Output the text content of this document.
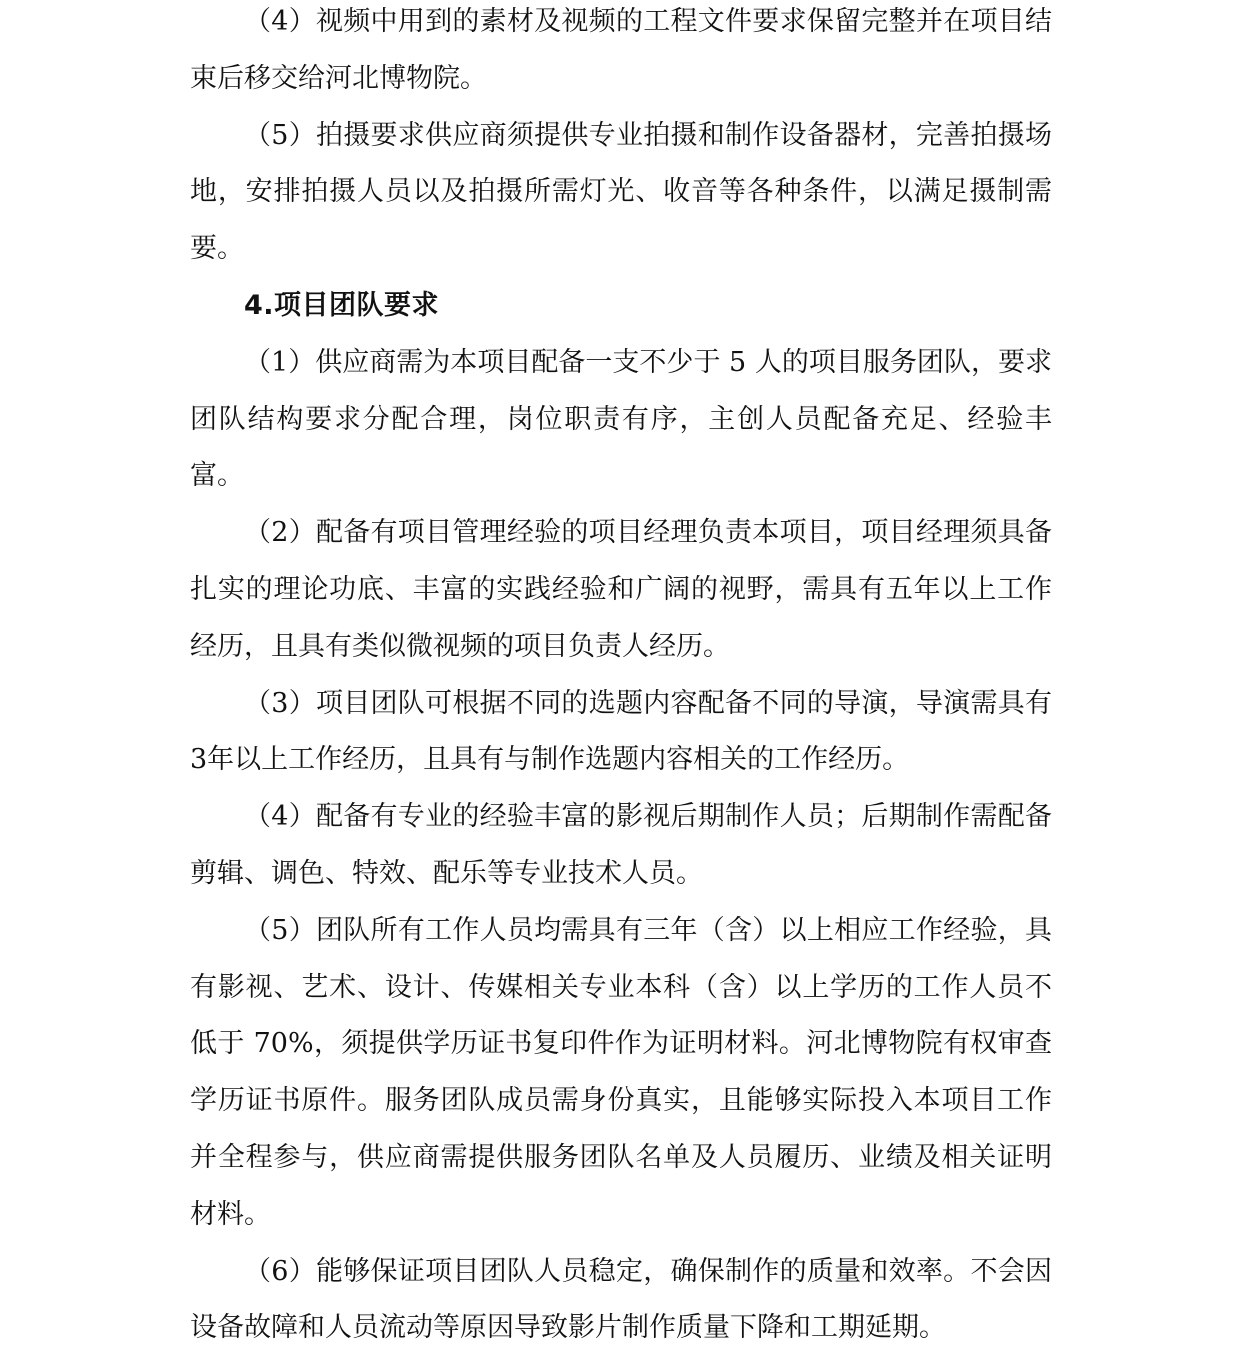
（4）视频中用到的素材及视频的工程文件要求保留完整并在项目结束后移交给河北博物院。

（5）拍摄要求供应商须提供专业拍摄和制作设备器材，完善拍摄场地，安排拍摄人员以及拍摄所需灯光、收音等各种条件，以满足摄制需要。

4.项目团队要求

（1）供应商需为本项目配备一支不少于 5 人的项目服务团队，要求团队结构要求分配合理，岗位职责有序，主创人员配备充足、经验丰富。

（2）配备有项目管理经验的项目经理负责本项目，项目经理须具备扎实的理论功底、丰富的实践经验和广阔的视野，需具有五年以上工作经历，且具有类似微视频的项目负责人经历。

（3）项目团队可根据不同的选题内容配备不同的导演，导演需具有 3年以上工作经历，且具有与制作选题内容相关的工作经历。

（4）配备有专业的经验丰富的影视后期制作人员；后期制作需配备剪辑、调色、特效、配乐等专业技术人员。

（5）团队所有工作人员均需具有三年（含）以上相应工作经验，具有影视、艺术、设计、传媒相关专业本科（含）以上学历的工作人员不低于 70%，须提供学历证书复印件作为证明材料。河北博物院有权审查学历证书原件。服务团队成员需身份真实，且能够实际投入本项目工作并全程参与，供应商需提供服务团队名单及人员履历、业绩及相关证明材料。

（6）能够保证项目团队人员稳定，确保制作的质量和效率。不会因设备故障和人员流动等原因导致影片制作质量下降和工期延期。
